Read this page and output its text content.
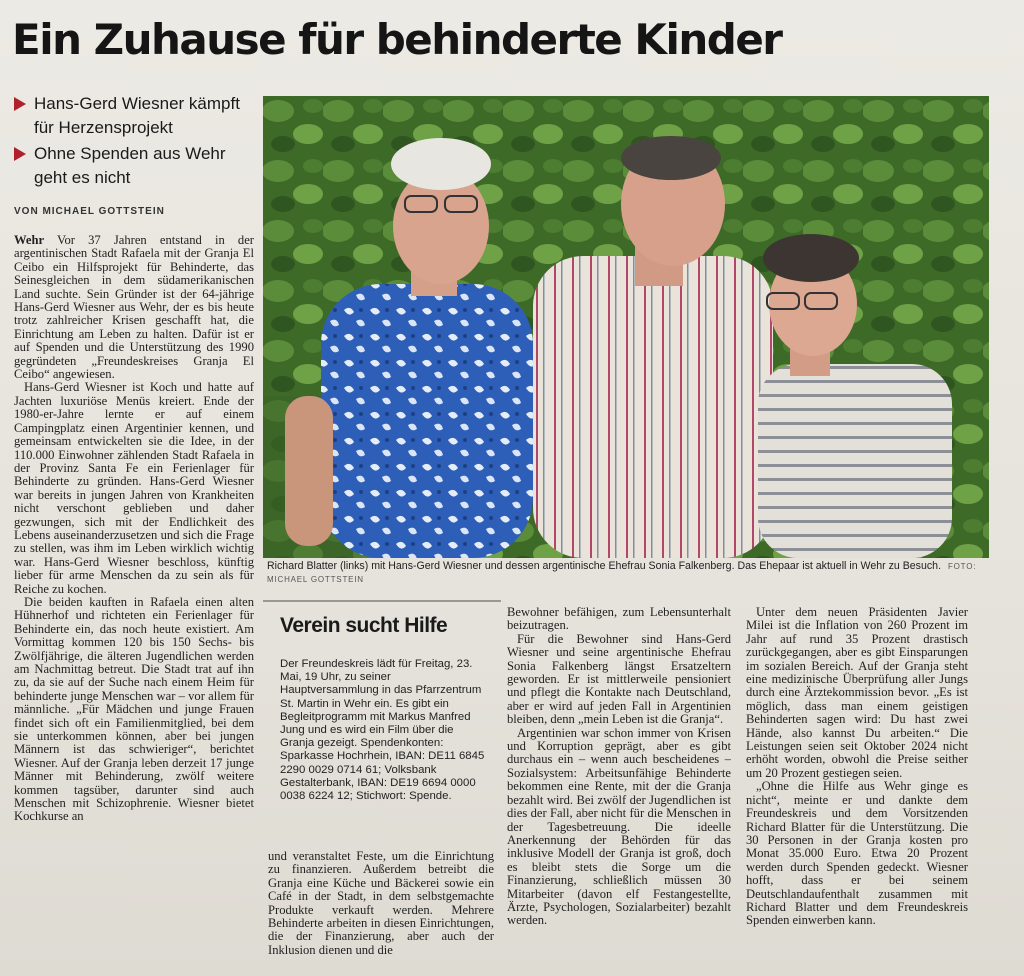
Ein Zuhause für behinderte Kinder
Hans-Gerd Wiesner kämpft für Herzensprojekt
Ohne Spenden aus Wehr geht es nicht
VON MICHAEL GOTTSTEIN

Wehr Vor 37 Jahren entstand in der argentinischen Stadt Rafaela mit der Granja El Ceibo ein Hilfsprojekt für Behinderte, das Seinesgleichen in dem südamerikanischen Land suchte. Sein Gründer ist der 64-jährige Hans-Gerd Wiesner aus Wehr, der es bis heute trotz zahlreicher Krisen geschafft hat, die Einrichtung am Leben zu halten. Dafür ist er auf Spenden und die Unterstützung des 1990 gegründeten „Freundeskreises Granja El Ceibo“ angewiesen.

Hans-Gerd Wiesner ist Koch und hatte auf Jachten luxuriöse Menüs kreiert. Ende der 1980-er-Jahre lernte er auf einem Campingplatz einen Argentinier kennen, und gemeinsam entwickelten sie die Idee, in der 110.000 Einwohner zählenden Stadt Rafaela in der Provinz Santa Fe ein Ferienlager für Behinderte zu gründen. Hans-Gerd Wiesner war bereits in jungen Jahren von Krankheiten nicht verschont geblieben und daher gezwungen, sich mit der Endlichkeit des Lebens auseinanderzusetzen und sich die Frage zu stellen, was ihm im Leben wirklich wichtig war. Hans-Gerd Wiesner beschloss, künftig lieber für arme Menschen da zu sein als für Reiche zu kochen.

Die beiden kauften in Rafaela einen alten Hühnerhof und richteten ein Ferienlager für Behinderte ein, das noch heute existiert. Am Vormittag kommen 120 bis 150 Sechs- bis Zwölfjährige, die älteren Jugendlichen werden am Nachmittag betreut. Die Stadt trat auf ihn zu, da sie auf der Suche nach einem Heim für behinderte junge Menschen war – vor allem für männliche. „Für Mädchen und junge Frauen findet sich oft ein Familienmitglied, bei dem sie unterkommen können, aber bei jungen Männern ist das schwieriger“, berichtet Wiesner. Auf der Granja leben derzeit 17 junge Männer mit Behinderung, zwölf weitere kommen tagsüber, darunter sind auch Menschen mit Schizophrenie. Wiesner bietet Kochkurse an

Richard Blatter (links) mit Hans-Gerd Wiesner und dessen argentinische Ehefrau Sonia Falkenberg. Das Ehepaar ist aktuell in Wehr zu Besuch. FOTO: MICHAEL GOTTSTEIN
Verein sucht Hilfe
Der Freundeskreis lädt für Freitag, 23. Mai, 19 Uhr, zu seiner Hauptversammlung in das Pfarrzentrum St. Martin in Wehr ein. Es gibt ein Begleitprogramm mit Markus Manfred Jung und es wird ein Film über die Granja gezeigt. Spendenkonten: Sparkasse Hochrhein, IBAN: DE11 6845 2290 0029 0714 61; Volksbank Gestalterbank, IBAN: DE19 6694 0000 0038 6224 12; Stichwort: Spende.

und veranstaltet Feste, um die Einrichtung zu finanzieren. Außerdem betreibt die Granja eine Küche und Bäckerei sowie ein Café in der Stadt, in dem selbstgemachte Produkte verkauft werden. Mehrere Behinderte arbeiten in diesen Einrichtungen, die der Finanzierung, aber auch der Inklusion dienen und die

Bewohner befähigen, zum Lebensunterhalt beizutragen.

Für die Bewohner sind Hans-Gerd Wiesner und seine argentinische Ehefrau Sonia Falkenberg längst Ersatzeltern geworden. Er ist mittlerweile pensioniert und pflegt die Kontakte nach Deutschland, aber er wird auf jeden Fall in Argentinien bleiben, denn „mein Leben ist die Granja“.

Argentinien war schon immer von Krisen und Korruption geprägt, aber es gibt durchaus ein – wenn auch bescheidenes – Sozialsystem: Arbeitsunfähige Behinderte bekommen eine Rente, mit der die Granja bezahlt wird. Bei zwölf der Jugendlichen ist dies der Fall, aber nicht für die Menschen in der Tagesbetreuung. Die ideelle Anerkennung der Behörden für das inklusive Modell der Granja ist groß, doch es bleibt stets die Sorge um die Finanzierung, schließlich müssen 30 Mitarbeiter (davon elf Festangestellte, Ärzte, Psychologen, Sozialarbeiter) bezahlt werden.

Unter dem neuen Präsidenten Javier Milei ist die Inflation von 260 Prozent im Jahr auf rund 35 Prozent drastisch zurückgegangen, aber es gibt Einsparungen im sozialen Bereich. Auf der Granja steht eine medizinische Überprüfung aller Jungs durch eine Ärztekommission bevor. „Es ist möglich, dass man einem geistigen Behinderten sagen wird: Du hast zwei Hände, also kannst Du arbeiten.“ Die Leistungen seien seit Oktober 2024 nicht erhöht worden, obwohl die Preise seither um 20 Prozent gestiegen seien.

„Ohne die Hilfe aus Wehr ginge es nicht“, meinte er und dankte dem Freundeskreis und dem Vorsitzenden Richard Blatter für die Unterstützung. Die 30 Personen in der Granja kosten pro Monat 35.000 Euro. Etwa 20 Prozent werden durch Spenden gedeckt. Wiesner hofft, dass er bei seinem Deutschlandaufenthalt zusammen mit Richard Blatter und dem Freundeskreis Spenden einwerben kann.
